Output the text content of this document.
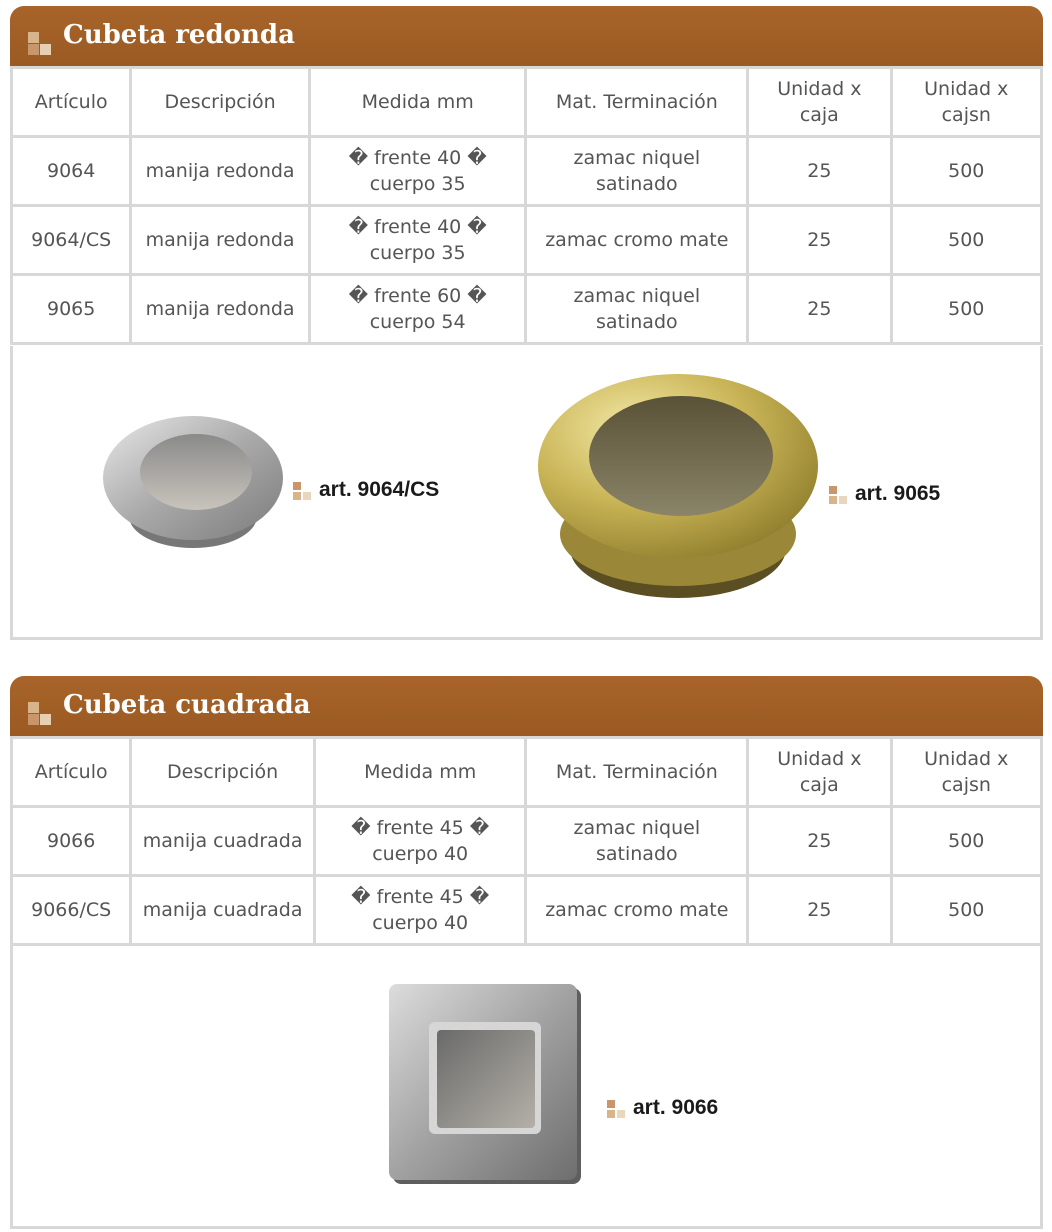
Cubeta redonda
Artículo	Descripción	Medida mm	Mat. Terminación	Unidad x caja	Unidad x cajsn
9064	manija redonda	� frente 40 � cuerpo 35	zamac niquel satinado	25	500
9064/CS	manija redonda	� frente 40 � cuerpo 35	zamac cromo mate	25	500
9065	manija redonda	� frente 60 � cuerpo 54	zamac niquel satinado	25	500
art. 9064/CS	art. 9065
Cubeta cuadrada
Artículo	Descripción	Medida mm	Mat. Terminación	Unidad x caja	Unidad x cajsn
9066	manija cuadrada	� frente 45 � cuerpo 40	zamac niquel satinado	25	500
9066/CS	manija cuadrada	� frente 45 � cuerpo 40	zamac cromo mate	25	500
art. 9066
